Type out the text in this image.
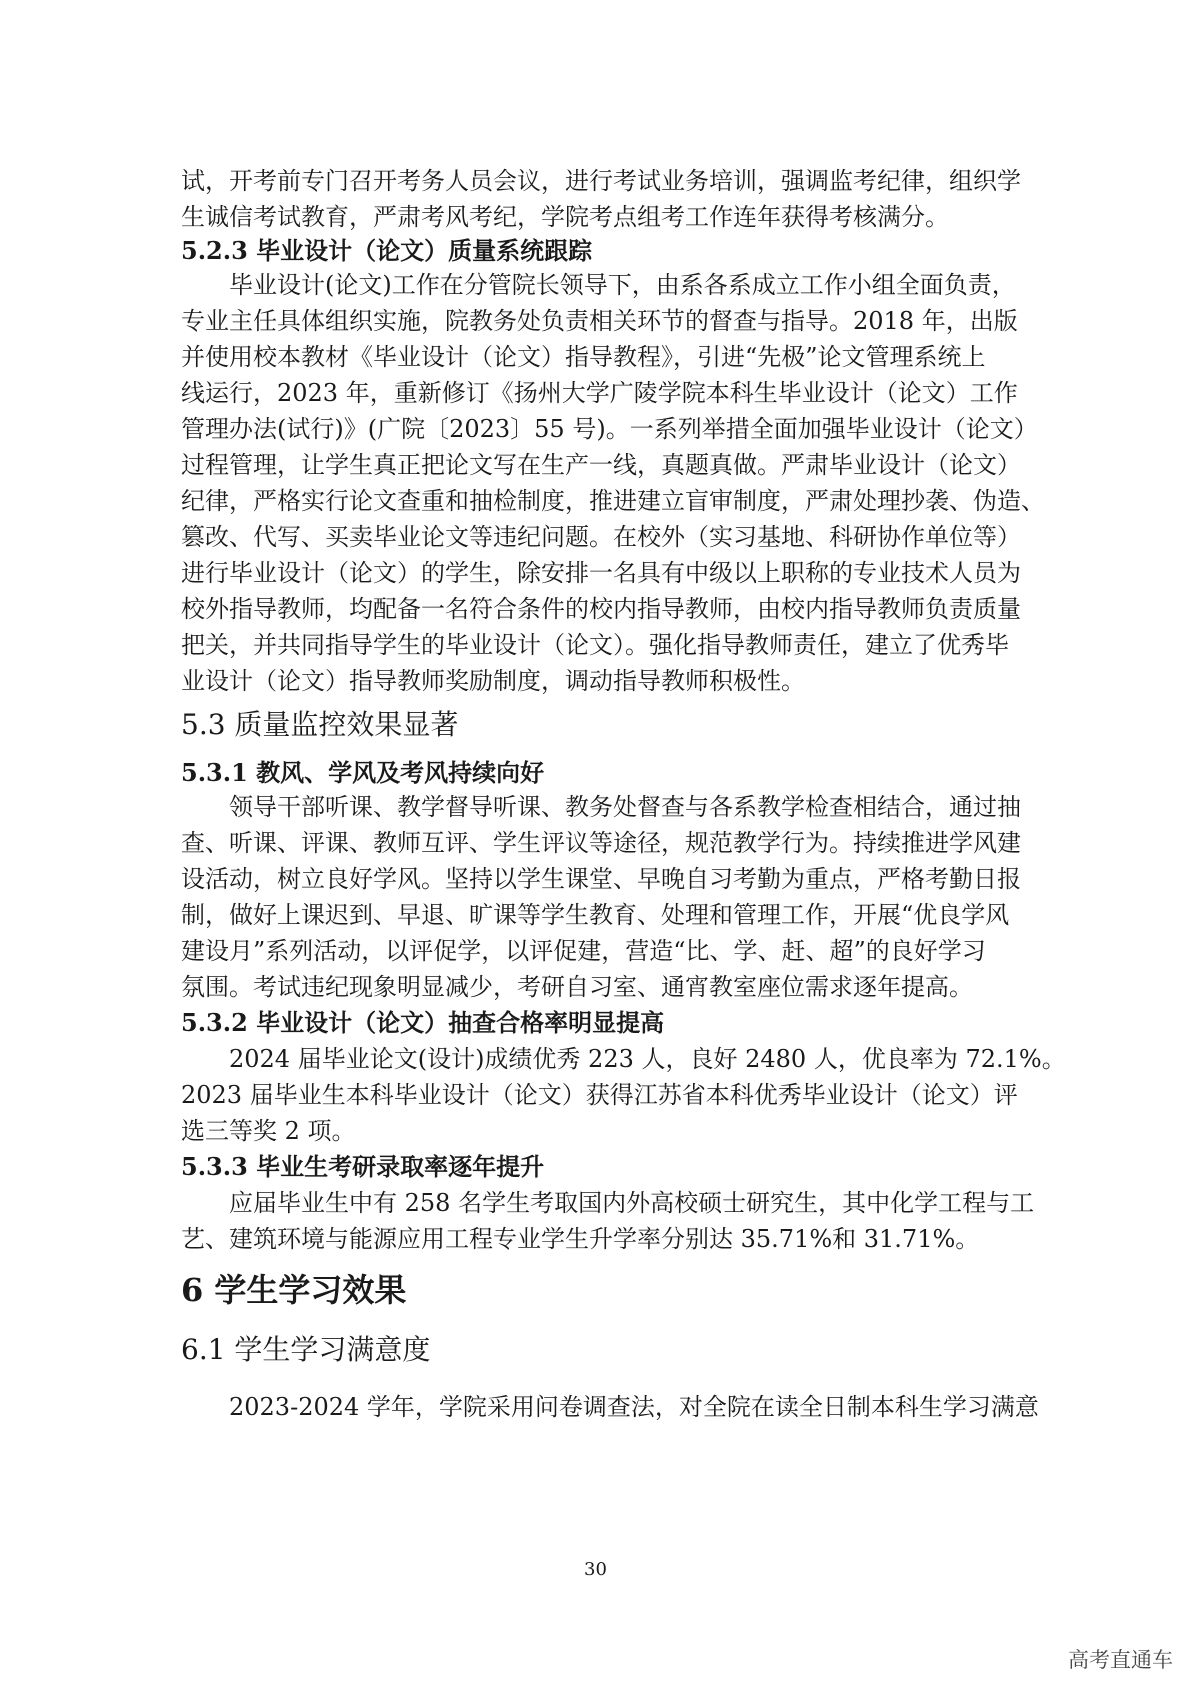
试，开考前专门召开考务人员会议，进行考试业务培训，强调监考纪律，组织学

生诚信考试教育，严肃考风考纪，学院考点组考工作连年获得考核满分。

5.2.3 毕业设计（论文）质量系统跟踪

毕业设计(论文)工作在分管院长领导下，由系各系成立工作小组全面负责，

专业主任具体组织实施，院教务处负责相关环节的督查与指导。2018 年，出版

并使用校本教材《毕业设计（论文）指导教程》，引进“先极”论文管理系统上

线运行，2023 年，重新修订《扬州大学广陵学院本科生毕业设计（论文）工作

管理办法(试行)》(广院〔2023〕55 号)。一系列举措全面加强毕业设计（论文）

过程管理，让学生真正把论文写在生产一线，真题真做。严肃毕业设计（论文）

纪律，严格实行论文查重和抽检制度，推进建立盲审制度，严肃处理抄袭、伪造、

篡改、代写、买卖毕业论文等违纪问题。在校外（实习基地、科研协作单位等）

进行毕业设计（论文）的学生，除安排一名具有中级以上职称的专业技术人员为

校外指导教师，均配备一名符合条件的校内指导教师，由校内指导教师负责质量

把关，并共同指导学生的毕业设计（论文）。强化指导教师责任，建立了优秀毕

业设计（论文）指导教师奖励制度，调动指导教师积极性。

5.3 质量监控效果显著

5.3.1 教风、学风及考风持续向好

领导干部听课、教学督导听课、教务处督查与各系教学检查相结合，通过抽

查、听课、评课、教师互评、学生评议等途径，规范教学行为。持续推进学风建

设活动，树立良好学风。坚持以学生课堂、早晚自习考勤为重点，严格考勤日报

制，做好上课迟到、早退、旷课等学生教育、处理和管理工作，开展“优良学风

建设月”系列活动，以评促学，以评促建，营造“比、学、赶、超”的良好学习

氛围。考试违纪现象明显减少，考研自习室、通宵教室座位需求逐年提高。

5.3.2 毕业设计（论文）抽查合格率明显提高

2024 届毕业论文(设计)成绩优秀 223 人，良好 2480 人，优良率为 72.1%。

2023 届毕业生本科毕业设计（论文）获得江苏省本科优秀毕业设计（论文）评

选三等奖 2 项。

5.3.3 毕业生考研录取率逐年提升

应届毕业生中有 258 名学生考取国内外高校硕士研究生，其中化学工程与工

艺、建筑环境与能源应用工程专业学生升学率分别达 35.71%和 31.71%。

6 学生学习效果

6.1 学生学习满意度

2023-2024 学年，学院采用问卷调查法，对全院在读全日制本科生学习满意

30
高考直通车
